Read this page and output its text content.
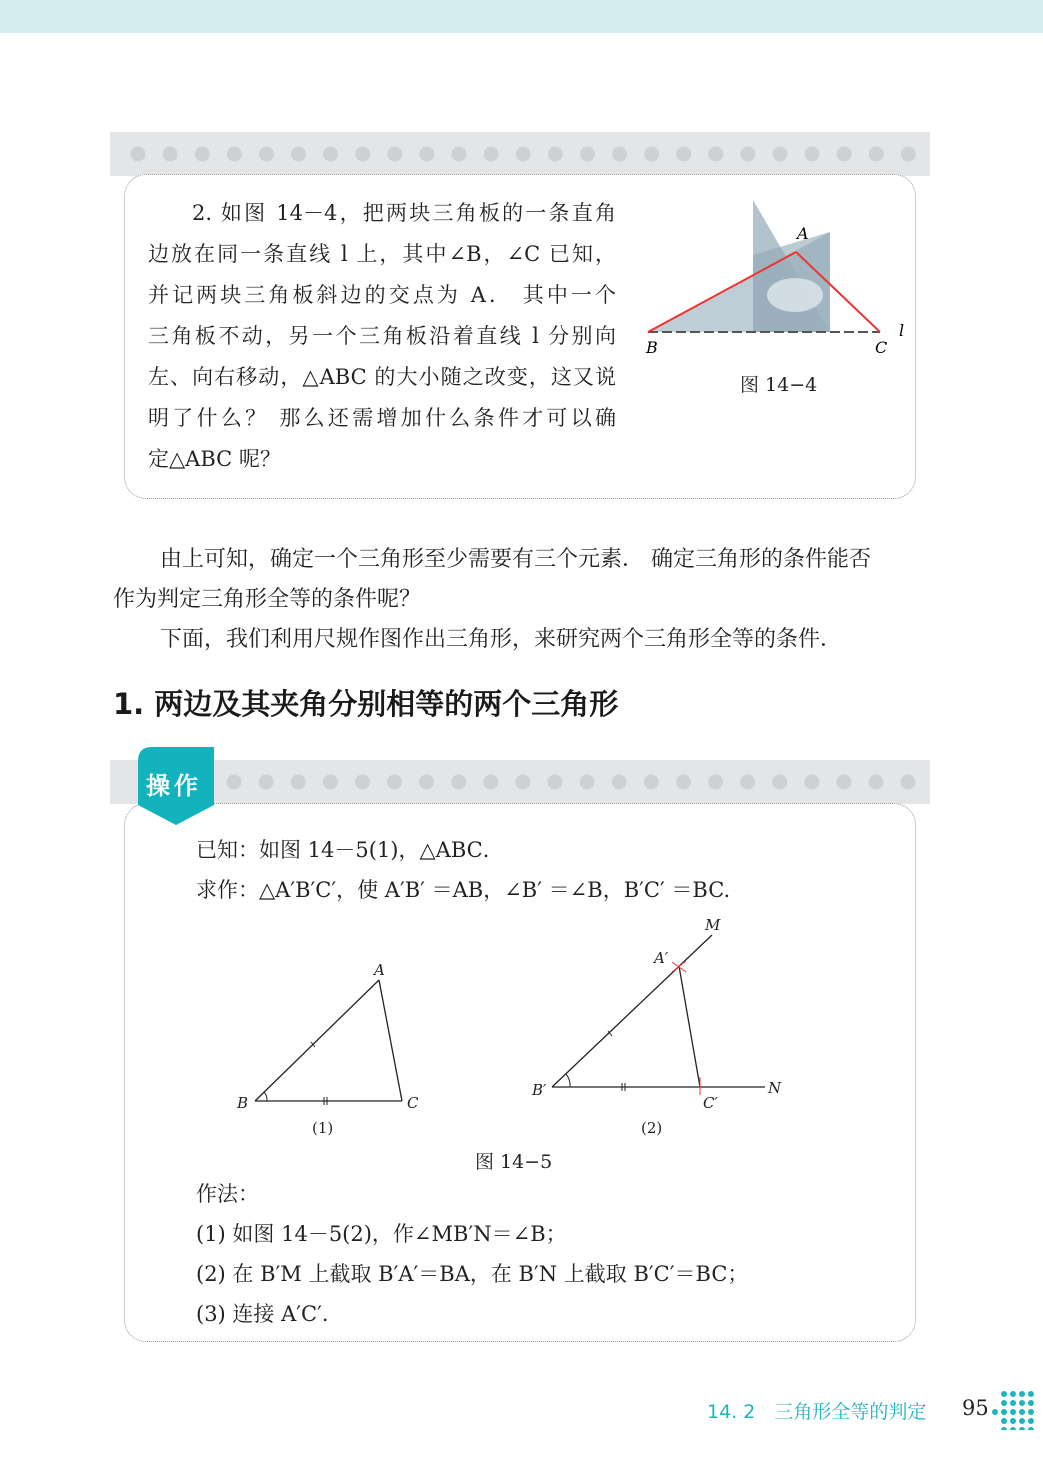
2. 如图 14－4，把两块三角板的一条直角
边放在同一条直线 l 上，其中∠B，∠C 已知，
并记两块三角板斜边的交点为 A． 其中一个
三角板不动，另一个三角板沿着直线 l 分别向
左、向右移动，△ABC 的大小随之改变，这又说
明了什么？ 那么还需增加什么条件才可以确
定△ABC 呢？
A
B	C
l
图 14−4
由上可知，确定一个三角形至少需要有三个元素． 确定三角形的条件能否
作为判定三角形全等的条件呢？
下面，我们利用尺规作图作出三角形，来研究两个三角形全等的条件．
1. 两边及其夹角分别相等的两个三角形
操作
已知：如图 14－5(1)，△ABC．
求作：△A′B′C′，使 A′B′ ＝AB，∠B′ ＝∠B，B′C′ ＝BC.
A
B	C
(1)
A′
B′
C′
M
N
(2)
图 14−5
作法：
(1) 如图 14－5(2)，作∠MB′N＝∠B；
(2) 在 B′M 上截取 B′A′＝BA，在 B′N 上截取 B′C′＝BC；
(3) 连接 A′C′.
14. 2　三角形全等的判定 95
